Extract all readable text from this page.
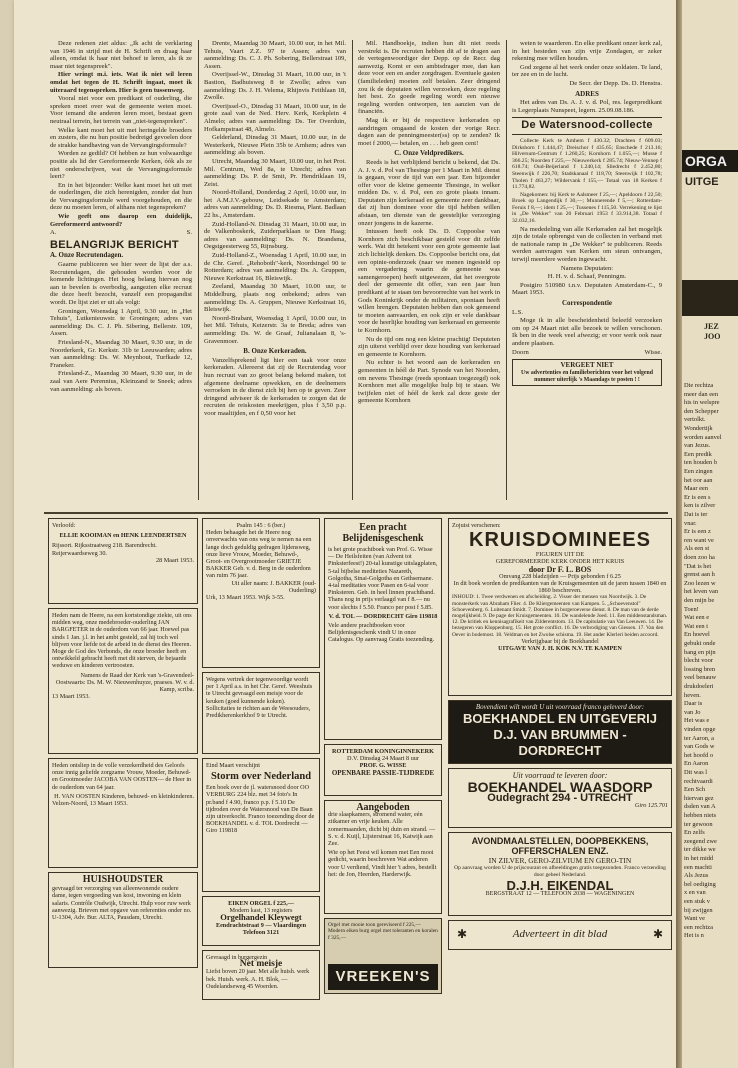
Deze redenen ziet aldus: „Ik acht de verklaring van 1946 in strijd met de H. Schrift en draag haar alleen, omdat ik haar niet behoef te leren, als ik ze maar niet tegenspreek".

Hier wringt m.i. iets. Wat ik niet wil leren omdat het tegen de H. Schrift ingaat, moet ik uiteraard tegenspreken. Hier is geen tussenweg.

Vooral niet voor een predikant of ouderling, die spreken moet over wat de gemeente weten moet. Voor iemand die anderen leren moet, bestaat geen neutraal terrein, het terrein van „niet-tegenspreken".

Welke kant moet het uit met heringelde broeders en zusters, die nu hun positie bedreigd gevoelen door de strakke handhaving van de Vervangingsformule?

Worden ze gedild? Of hebben ze hun volwaardige positie als lid der Gereformeerde Kerken, óók als ze niet onderschrijven, wat de Vervangingsformule leert?

En in het bijzonder: Welke kant moet het uit met de ouderlingen, die zich herenigden, zonder dat hun de Vervangingsformule werd voorgehouden, en die deze nu moeten leren, of althans niet tegenspreken?

Wie geeft ons daarop een duidelijk, Gereformeerd antwoord?

A.	S.
BELANGRIJK BERICHT
A. Onze Recrutendagen.

Gaarne publiceren we hier weer de lijst der a.s. Recrutendagen, die gehouden worden voor de komende lichtingen. Het hoog belang hiervan nog aan te bevelen is overbodig, aangezien elke recruut die deze heeft bezocht, vanzelf een propagandist wordt. De lijst ziet er uit als volgt:

Groningen, Woensdag 1 April, 9.30 uur, in „Het Tehuis", Lutkenieuwstr. te Groningen; adres van aanmelding: Ds. C. J. Ph. Sibering, Bellerstr. 109, Assen.

Friesland-N., Maandag 30 Maart, 9.30 uur, in de Noorderkerk, Gr. Kerkstr. 31b te Leeuwarden; adres van aanmelding: Ds. W. Meynhout, Turfkade 12, Franeker.

Friesland-Z., Maandag 30 Maart, 9.30 uur, in de zaal van Aere Perennius, Kleinzand te Sneek; adres van aanmelding: als boven.

Drente, Maandag 30 Maart, 10.00 uur, in het Mil. Tehuis, Vaart Z.Z. 97 te Assen; adres van aanmelding: Ds. C. J. Ph. Sobering, Bellerstraat 109, Assen.

Overijssel-W., Dinsdag 31 Maart, 10.00 uur, in 't Bastion, Badhuisweg 8 te Zwolle; adres van aanmelding: Ds. J. H. Velema, Rhijnvis Feithlaan 18, Zwolle.

Overijssel-O., Dinsdag 31 Maart, 10.00 uur, in de grote zaal van de Ned. Herv. Kerk, Kerkplein 4 Almelo; adres van aanmelding: Ds. Ter Overduin, Hofkampstraat 48, Almelo.

Gelderland, Dinsdag 31 Maart, 10.00 uur, in de Westerkerk, Nieuwe Plein 35b te Arnhem; adres van aanmelding: als boven.

Utrecht, Maandag 30 Maart, 10.00 uur, in het Prot. Mil. Centrum, Wed 8a, te Utrecht; adres van aanmelding: Ds. P. de Smit, Pr. Hendriklaan 19, Zeist.

Noord-Holland, Donderdag 2 April, 10.00 uur, in het A.M.J.V.-gebouw, Leidsekade te Amsterdam; adres van aanmelding: Ds. D. Riesma, Plant. Badlaan 22 hs., Amsterdam.

Zuid-Holland-N. Dinsdag 31 Maart, 10.00 uur, in de Valkenboskerk, Zuiderparklaan te Den Haag; adres van aanmelding: Ds. N. Brandsma, Oegstgeesterweg 55, Rijnsburg.

Zuid-Holland-Z., Woensdag 1 April, 10.00 uur, in de Chr. Geref. „Rehoboth"-kerk, Noordsingel 90 te Rotterdam; adres van aanmelding: Ds. A. Gruppen, Nieuwe Kerkstraat 16, Bleiswijk.

Zeeland, Maandag 30 Maart, 10.00 uur, te Middelburg, plaats nog onbekend; adres van aanmelding: Ds. A. Gruppen, Nieuwe Kerkstraat 16, Bleiswijk.

Noord-Brabant, Woensdag 1 April, 10.00 uur, in het Mil. Tehuis, Keizerstr. 3a te Breda; adres van aanmelding: Ds. W. de Graaf, Julianalaan 8, 's-Gravenmoer.

B. Onze Kerkeraden.

Vanzelfsprekend ligt hier een taak voor onze kerkeraden. Allereerst dat zij de Recrutendag voor hun recruut van zo groot belang bekend maken, tot afgemene deelname opwekken, en de deelnemers verroeken in de dienst zich bij hen op te geven. Zeer dringend adviseer ik de kerkeraden te zorgen dat de recruten de reiskosten meekrijgen, plus f 3,50 p.p. voor maaltijden, en f 0,50 voor het

Mil. Handboekje, indien hun dit niet reeds verstrekt is. De recruten hebben dit af te dragen aan de vertegenwoordiger der Depp. op de Recr. dag aanwezig. Komt er een ambtsdrager mee, dan kan deze voor een en ander zorgdragen. Eventuele gasten (familieleden) moeten zelf betalen. Zeer dringend zou ik de deputaten willen verzoeken, deze regeling het best. Zo goede regeling wordt een nieuwe regeling worden ontworpen, ten aanzien van de financiën.

Mag ik er bij de respectieve kerkeraden op aandringen omgaand de kosten der vorige Recr. dagen aan de penningmeester(ss) op te zenden? Ik moet f 2000,— betalen, en . . . heb geen cent!

C. Onze Veldpredikers.

Reeds is het verblijdend bericht u bekend, dat Ds. A. J. v. d. Pol van Thesinge per 1 Maart in Mil. dienst is gegaan, voor de tijd van een jaar. Een bijzonder offer voor de kleine gemeente Thesinge, in welker midden Ds. v. d. Pol, een zo grote plaats innam. Deputaten zijn kerkeraad en gemeente zeer dankbaar, dat zij hun dominee voor die tijd hebben willen afstaan, ten dienste van de geestelijke verzorging onzer jongens in de kazerne.

Intussen heeft ook Ds. D. Coppoolse van Kornhorn zich beschikbaar gesteld voor dit zelfde werk. Wat dit betekent voor een grote gemeente laat zich lichtelijk denken. Ds. Coppoolse bericht ons, dat een opinie-onderzoek (naar we menen ingesteld op een vergadering waarin de gemeente was samengeroepen) heeft uitgewezen, dat het overgrote deel der gemeente dit offer, van een jaar hun predikant af te staan ten bevoorrechte van het werk in Gods Koninkrijk onder de militairen, spontaan heeft willen brengen. Deputaten hebben dan ook gemeend te moeten aanvaarden, en ook zijn er vele dankbaar voor de heerlijke houding van kerkeraad en gemeente te Kornhorn.

Nu de tijd om nog een kleine prachtig! Deputeten zijn uiterst verblijd over deze houding van kerkeraad en gemeente te Kornhorn.

Nu echter is het woord aan de kerkeraden en gemeenten in héél de Part. Synode van het Noorden, om nevens Thesinge (reeds spontaan toegezegd) ook Kornhorn met alle mogelijke hulp bij te staan. We twijfelen niet of héél de kerk zal deze geste der gemeente Kornhorn

weten te waarderen. En elke predikant onzer kerk zal, in het besteden van zijn vrije Zondagen, er zeker rekening mee willen houden.

God zegene al het werk onder onze soldaten. Te land, ter zee en in de lucht.

De Secr. der Depp. Ds. D. Henstra.

ADRES

Het adres van Ds. A. J. v. d. Pol, res. legerpredikant is Legerplaats Nunspeet, legern. 25.09.08.186.

De Watersnood-collecte

Collecte Kerk te Amhem f 430.32; Drachten f 609.03; Dirkshorn f 1.444,47; Dreischor f 435.65; Enschede f 213.16; Hilversum-Centrum f 1.260,25; Kornhorn f 1.055,—; Musse f 366.25; Noorden f 225,— Nieuwerkerk f 285.74; Nieuw-Vennep f 618.74; Oud-Beijerland f 1.240,14; Sliedrecht f 2.452,80; Steenwijk f 226,70; Stadskanaal f 118,70; Steenwijk f 102,78; Tholen f 463,27; Wildervank f 155,— Totaal van 18 Kerken f 11.774,82.

Nagekomen: bij Kerk te Aalsmeer f 25,—; Apeldoorn f 22,50; Broek op Langendijk f 30,—; Munnerende f 5,—; Rotterdam-Feruis f 8,—; idem f 25,—; Tussenes f 115,50. Verrekening te lijst in „De Wekker" van 20 Februari 1953 f 33.914,38. Totaal f 32.032,16.

Na mededeling van alle Kerkeraden zal het mogelijk zijn de totale opbrengst van de collecten in verband met de nationale ramp in „De Wekker" te publiceren. Reeds werden aanvragen van Kerken om steun ontvangen, terwijl meerdere worden ingewacht.

Namens Deputaten:

H. H. v. d. Schaaf, Penningm.

Postgiro 510980 t.n.v. Deputaten Amsterdam-C., 9 Maart 1953.

Correspondentie

L.S.

Moge ik in alle bescheidenheid beleefd verzoeken om op 24 Maart niet alle bezoek te willen verschonen. Ik ben in die week veel afwezig; er voor werk ook naar andere plaatsen.

Doorn	Wisse.
VERGEET NIET
Uw advertenties en familieberichten voor het volgend nummer uiterlijk 's Maandags te posten ! !
Verloofd:
ELLIE KOOIMAN en HENK LEENDERTSEN
Rijssort. Rijksstraatweg 218. Barendrecht. Reijerwaardseweg 30.
28 Maart 1953.
Heden nam de Heere, na een kortstondige ziekte, uit ons midden weg, onze medebroeder-ouderling JAN BARGFETER in de ouderdom van 66 jaar. Hoewel pas sinds 1 Jan. j.l. in het ambt gesteld, zal hij toch wel blijven voor liefde tot de arbeid in de dienst des Heeren. Moge de God des Verbonds, die onze broeder heeft en ontwikkeld gebracht heeft met dit sterven, de bejaarde weduwe en kinderen vertroosten.
Namens de Raad der Kerk van 's-Gravendeel-Oostwaarts: Ds. M. W. Nieuwenhuyze, praeses. W. v. d. Kamp, scriba.
13 Maart 1953.
Heden ontsliep in de volle verzekerdheid des Geloofs onze innig geliefde zorgzame Vrouw, Moeder, Behuwd- en Grootmoeder JACOBA VAN OOSTEN— de Heer in de ouderdom van 64 jaar.
H. VAN OOSTEN Kinderen, behuwd- en kleinkinderen.
Velzen-Noord, 13 Maart 1953.
HUISHOUDSTER
gevraagd ter verzorging van alleenwonende oudere dame, tegen vergoeding van kost, inwoning en klein salaris. Contrôle Oudwijk, Utrecht. Hulp voor ruw werk aanwezig. Brieven met opgave van referenties onder no. U-1304, Adv. Bur. ALTA, Pausdam, Utrecht.
Psalm 145 : 6 (ber.)
Heden behaagde het de Heere nog onverwachts van ons weg te nemen na een lange doch geduldig gedragen lijdensweg, onze lieve Vrouw, Moeder, Behuwd-, Groot- en Overgrootmoeder GRIETJE BAKKER Geb. v. d. Berg in de ouderdom van ruim 76 jaar.
Uit aller naam: J. BAKKER (oud-Ouderling)
Urk, 13 Maart 1953. Wijk 3-55.
Wegens vertrek der tegenwoordige wordt per 1 April a.s. in het Chr. Geref. Weeshuis te Utrecht gevraagd een meisje voor de keuken (goed kunnende koken). Sollicitaties te richten aan de Weesouders, Predikherenkerkhof 9 te Utrecht.
Eind Maart verschijnt
Storm over Nederland
Een boek over de jl. watersnood door OO VERBURG 224 blz. met 34 foto's In pr.band f 4.90, franco p.p. f 5.10 De tijdroden over de Watersnood van De Baan zijn uitverkocht. Franco toezending door de BOEKHANDEL v. d. TOL Dordrecht — Giro 119818
EIKEN ORGEL f 225,—
Modern kast, 13 registers
Orgelhandel Kleywegt
Eendrachtstraat 9 — Vlaardingen Telefoon 3121
Gevraagd in burgergezin
Net meisje
Liefst boven 20 jaar. Met alle huish. werk bek. Huish. werk. A. H. Blok, — Oudelandseweg 45 Woerden.
Een pracht Belijdenisgeschenk
is het grote prachtboek van Prof. G. Wisse — De Heilsfeiten (van Advent tot Pinksterfeest!) 20-tal kunstige uitslagplaten, 5-tal bijbelse mediteties Nazareth, Golgotha, Sinai-Golgotha en Gethsemane. 4-tal meditaties voor Pasen en 6-tal voor Pinksteren. Geb. in heel linnen prachtband. Thans nog in prijs verlaagd van f 8.— nu voor slechts f 5.50. Franco per post f 5.85.
V. d. TOL — DORDRECHT Giro 119818
Vele andere prachtboeken voor Belijdenisgeschenk vindt U in onze Catalogus. Op aanvraag Gratis toezending.
ROTTERDAM KONINGINNEKERK
D.V. Dinsdag 24 Maart 8 uur
PROF. G. WISSE
OPENBARE PASSIE-TIJDREDE
Aangeboden
drie slaapkamers, stromend water, eén zitkamer en vrije keuken. Alle zomermaanden, dicht bij duin en strand. — S. v. d. Kuijl, Lijsterstraat 16, Katwijk aan Zee.
Wie op het Feest wil komen met Een mooi gedicht, waarin beschreven Wat anderen voor U verdiend, Vindt hier 't adres, bestellt het: de Jon, Heerden, Harderwijk.
Orgel met mooie toon gereviseerd f 225,— Modern eiken burg orgel met toleranten en koralen f 325,—
VREEKEN'S
Zojuist verschenen:
KRUISDOMINEES
FIGUREN UIT DE
GEREFORMEERDE KERK ONDER HET KRUIS
door Dr F. L. BOS
Omvang 228 bladzijden — Prijs gebonden f 6.25
In dit boek worden de predikanten van de Kruisgemeenten uit de jaren tussen 1840 en 1860 beschreven.
INHOUD: 1. Twee verdwenen en afscheiding. 2. Visser der mensen van Noordwijk. 3. De monsterkerk van Abraham Flier. 4. De Kliergemeenten van Kampen. 5. „Schoevenstol" Schoevenberg. 6. Luitenant Smidt. 7. Dominee in burgeroeverse dienst. 8. De man van de derde mogelijkheid. 9. De page der Kruisgemeenten. 10. De wandelende Joed. 11. Een middenstandsman. 12. De kritiek en kennisagrafikeit van Zilderentstom. 13. De capitulatie van Van Leeuwen. 14. De bezegeren van Kloppenburg. 15. Het grote conflict. 16. De verbrodiging van Giessen. 17. Van den Oever in bodemost. 18. Veldman en het Zwolse schisma. 19. Het ander Klerleri beiden accoord.
Verkrijgbaar bij de Boekhandel
UITGAVE VAN J. H. KOK N.V. TE KAMPEN
Bovendient wilt wordt U uit voorraad franco geleverd door:
BOEKHANDEL EN UITGEVERIJ
D.J. VAN BRUMMEN - DORDRECHT
Uit voorraad te leveren door:
BOEKHANDEL WAASDORP
Oudegracht 294 - UTRECHT
Giro 125.701
AVONDMAALSTELLEN, DOOPBEKKENS, OFFERSCHALEN ENZ.
IN ZILVER, GERO-ZILVIUM EN GERO-TIN
Op aanvraag worden U de prijscourant en afbeeldingen gratis toegezonden. Franco verzending door geheel Nederland.
D.J.H. EIKENDAL
BERGSTRAAT 12 — TELEFOON 2038 — WAGENINGEN
✱	Adverteert in dit blad	✱
ORGA
UITGE
JEZ
JOO
Die rechtza
meer dan een
his in welspre
den Schepper
vertolkt.
Wondertijk
worden aanvel
van Jezus.
Een predik
ten houden b
Een zingen
het oor aan
Maar een
Er is een s
ken is zilver
Dat is ter
vnar.
Er is een z
ren want ve
Als een st
doen zoo ha
"Dat is het
grenst aan h
Zoo lezen w
het leven van
den mijn be
Toen!
Wat een e
Wat een t
En hoevel
gebukt onde
bang en pijn
blecht voor
lossing bren
veel benauw
drukdoeleri
heven.
Daar is
van Jo
Het was e
vinden opge
ter Aaron, a
van Gods w
het hoofd o
En Aaron
Dit was l
rechtvaardi
Een Sch
hiervan gez
dsden van A
hebben niets
ter gewoon
En zelfs
zeegend zwe
ter dikke we
in het midd
een machti
Als Jezus
bel oediging
x en van
een stuk v
bij zwijgen
Want ve
een rechtza
Het is n
